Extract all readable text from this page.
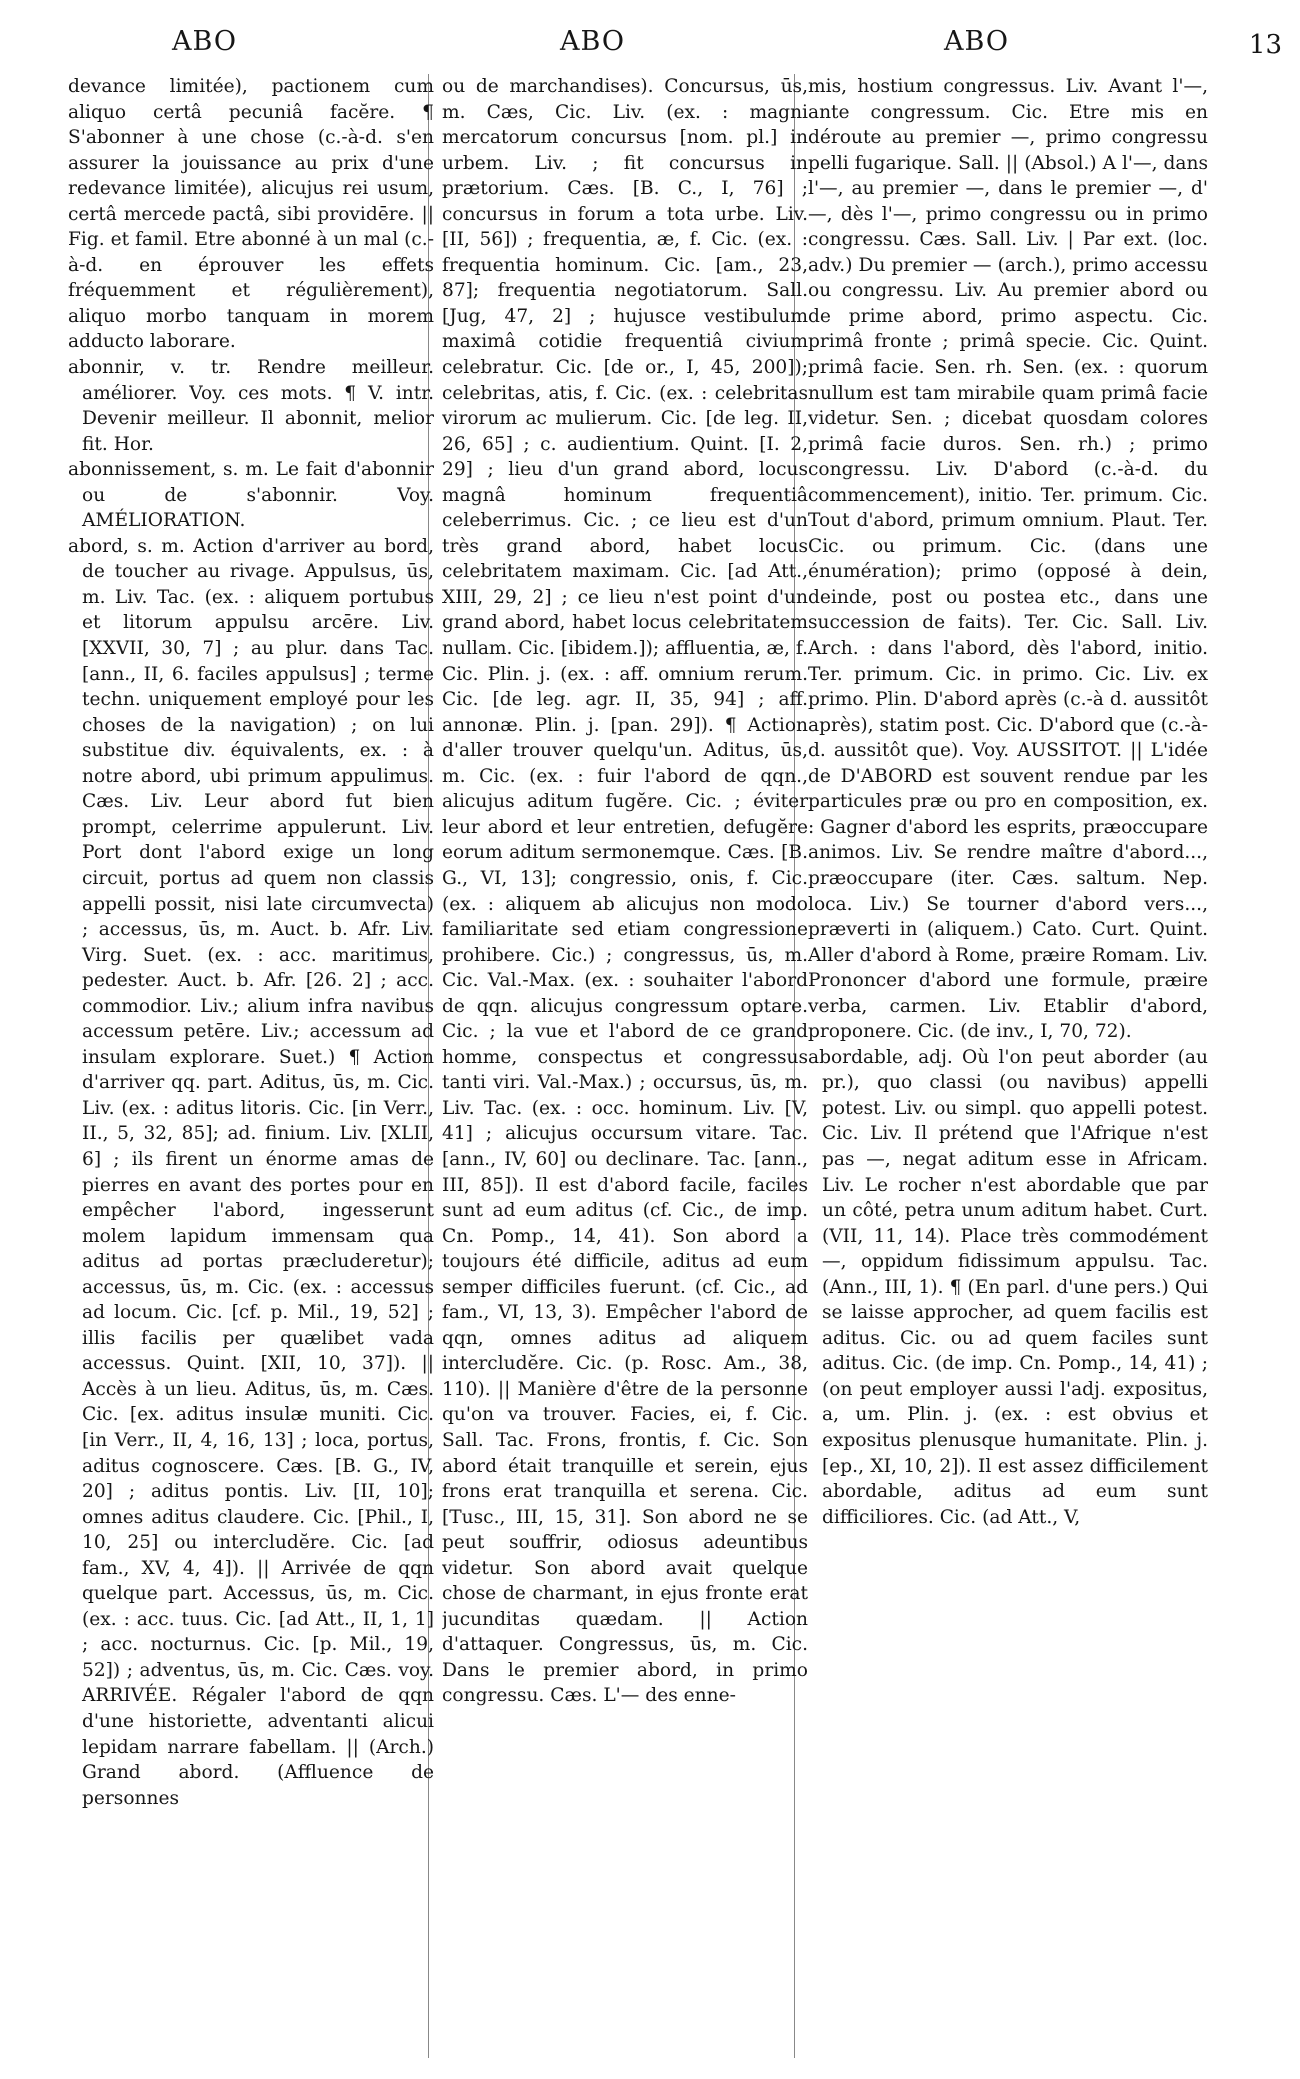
ABO	ABO	ABO	13

devance limitée), pactionem cum aliquo certâ pecuniâ facĕre. ¶ S'abonner à une chose (c.-à-d. s'en assurer la jouissance au prix d'une redevance limitée), alicujus rei usum, certâ mercede pactâ, sibi providēre. || Fig. et famil. Etre abonné à un mal (c.-à-d. en éprouver les effets fréquemment et régulièrement), aliquo morbo tanquam in morem adducto laborare.

abonnir, v. tr. Rendre meilleur. améliorer. Voy. ces mots. ¶ V. intr. Devenir meilleur. Il abonnit, melior fit. Hor.

abonnissement, s. m. Le fait d'abonnir ou de s'abonnir. Voy. AMÉLIORATION.

abord, s. m. Action d'arriver au bord, de toucher au rivage. Appulsus, ūs, m. Liv. Tac. (ex. : aliquem portubus et litorum appulsu arcēre. Liv. [XXVII, 30, 7] ; au plur. dans Tac. [ann., II, 6. faciles appulsus] ; terme techn. uniquement employé pour les choses de la navigation) ; on lui substitue div. équivalents, ex. : à notre abord, ubi primum appulimus. Cæs. Liv. Leur abord fut bien prompt, celerrime appulerunt. Liv. Port dont l'abord exige un long circuit, portus ad quem non classis appelli possit, nisi late circumvecta) ; accessus, ūs, m. Auct. b. Afr. Liv. Virg. Suet. (ex. : acc. maritimus, pedester. Auct. b. Afr. [26. 2] ; acc. commodior. Liv.; alium infra navibus accessum petēre. Liv.; accessum ad insulam explorare. Suet.) ¶ Action d'arriver qq. part. Aditus, ūs, m. Cic. Liv. (ex. : aditus litoris. Cic. [in Verr., II., 5, 32, 85]; ad. finium. Liv. [XLII, 6] ; ils firent un énorme amas de pierres en avant des portes pour en empêcher l'abord, ingesserunt molem lapidum immensam qua aditus ad portas præcluderetur); accessus, ūs, m. Cic. (ex. : accessus ad locum. Cic. [cf. p. Mil., 19, 52] ; illis facilis per quælibet vada accessus. Quint. [XII, 10, 37]). || Accès à un lieu. Aditus, ūs, m. Cæs. Cic. [ex. aditus insulæ muniti. Cic. [in Verr., II, 4, 16, 13] ; loca, portus, aditus cognoscere. Cæs. [B. G., IV, 20] ; aditus pontis. Liv. [II, 10]; omnes aditus claudere. Cic. [Phil., I, 10, 25] ou intercludĕre. Cic. [ad fam., XV, 4, 4]). || Arrivée de qqn quelque part. Accessus, ūs, m. Cic. (ex. : acc. tuus. Cic. [ad Att., II, 1, 1] ; acc. nocturnus. Cic. [p. Mil., 19, 52]) ; adventus, ūs, m. Cic. Cæs. voy. ARRIVÉE. Régaler l'abord de qqn d'une historiette, adventanti alicui lepidam narrare fabellam. || (Arch.) Grand abord. (Affluence de personnes

ou de marchandises). Concursus, ūs, m. Cæs, Cic. Liv. (ex. : magni mercatorum concursus [nom. pl.] in urbem. Liv. ; fit concursus in prætorium. Cæs. [B. C., I, 76] ; concursus in forum a tota urbe. Liv. [II, 56]) ; frequentia, æ, f. Cic. (ex. : frequentia hominum. Cic. [am., 23, 87]; frequentia negotiatorum. Sall. [Jug, 47, 2] ; hujusce vestibulum maximâ cotidie frequentiâ civium celebratur. Cic. [de or., I, 45, 200]); celebritas, atis, f. Cic. (ex. : celebritas virorum ac mulierum. Cic. [de leg. II, 26, 65] ; c. audientium. Quint. [I. 2, 29] ; lieu d'un grand abord, locus magnâ hominum frequentiâ celeberrimus. Cic. ; ce lieu est d'un très grand abord, habet locus celebritatem maximam. Cic. [ad Att., XIII, 29, 2] ; ce lieu n'est point d'un grand abord, habet locus celebritatem nullam. Cic. [ibidem.]); affluentia, æ, f. Cic. Plin. j. (ex. : aff. omnium rerum. Cic. [de leg. agr. II, 35, 94] ; aff. annonæ. Plin. j. [pan. 29]). ¶ Action d'aller trouver quelqu'un. Aditus, ūs, m. Cic. (ex. : fuir l'abord de qqn., alicujus aditum fugĕre. Cic. ; éviter leur abord et leur entretien, defugĕre eorum aditum sermonemque. Cæs. [B. G., VI, 13]; congressio, onis, f. Cic. (ex. : aliquem ab alicujus non modo familiaritate sed etiam congressione prohibere. Cic.) ; congressus, ūs, m. Cic. Val.-Max. (ex. : souhaiter l'abord de qqn. alicujus congressum optare. Cic. ; la vue et l'abord de ce grand homme, conspectus et congressus tanti viri. Val.-Max.) ; occursus, ūs, m. Liv. Tac. (ex. : occ. hominum. Liv. [V, 41] ; alicujus occursum vitare. Tac. [ann., IV, 60] ou declinare. Tac. [ann., III, 85]). Il est d'abord facile, faciles sunt ad eum aditus (cf. Cic., de imp. Cn. Pomp., 14, 41). Son abord a toujours été difficile, aditus ad eum semper difficiles fuerunt. (cf. Cic., ad fam., VI, 13, 3). Empêcher l'abord de qqn, omnes aditus ad aliquem intercludĕre. Cic. (p. Rosc. Am., 38, 110). || Manière d'être de la personne qu'on va trouver. Facies, ei, f. Cic. Sall. Tac. Frons, frontis, f. Cic. Son abord était tranquille et serein, ejus frons erat tranquilla et serena. Cic. [Tusc., III, 15, 31]. Son abord ne se peut souffrir, odiosus adeuntibus videtur. Son abord avait quelque chose de charmant, in ejus fronte erat jucunditas quædam. || Action d'attaquer. Congressus, ūs, m. Cic. Dans le premier abord, in primo congressu. Cæs. L'— des enne-

mis, hostium congressus. Liv. Avant l'—, ante congressum. Cic. Etre mis en déroute au premier —, primo congressu pelli fugarique. Sall. || (Absol.) A l'—, dans l'—, au premier —, dans le premier —, d' —, dès l'—, primo congressu ou in primo congressu. Cæs. Sall. Liv. | Par ext. (loc. adv.) Du premier — (arch.), primo accessu ou congressu. Liv. Au premier abord ou de prime abord, primo aspectu. Cic. primâ fronte ; primâ specie. Cic. Quint. primâ facie. Sen. rh. Sen. (ex. : quorum nullum est tam mirabile quam primâ facie videtur. Sen. ; dicebat quosdam colores primâ facie duros. Sen. rh.) ; primo congressu. Liv. D'abord (c.-à-d. du commencement), initio. Ter. primum. Cic. Tout d'abord, primum omnium. Plaut. Ter. Cic. ou primum. Cic. (dans une énumération); primo (opposé à dein, deinde, post ou postea etc., dans une succession de faits). Ter. Cic. Sall. Liv. Arch. : dans l'abord, dès l'abord, initio. Ter. primum. Cic. in primo. Cic. Liv. ex primo. Plin. D'abord après (c.-à d. aussitôt après), statim post. Cic. D'abord que (c.-à-d. aussitôt que). Voy. AUSSITOT. || L'idée de D'ABORD est souvent rendue par les particules præ ou pro en composition, ex. : Gagner d'abord les esprits, præoccupare animos. Liv. Se rendre maître d'abord..., præoccupare (iter. Cæs. saltum. Nep. loca. Liv.) Se tourner d'abord vers..., præverti in (aliquem.) Cato. Curt. Quint. Aller d'abord à Rome, præire Romam. Liv. Prononcer d'abord une formule, præire verba, carmen. Liv. Etablir d'abord, proponere. Cic. (de inv., I, 70, 72).

abordable, adj. Où l'on peut aborder (au pr.), quo classi (ou navibus) appelli potest. Liv. ou simpl. quo appelli potest. Cic. Liv. Il prétend que l'Afrique n'est pas —, negat aditum esse in Africam. Liv. Le rocher n'est abordable que par un côté, petra unum aditum habet. Curt. (VII, 11, 14). Place très commodément —, oppidum fidissimum appulsu. Tac. (Ann., III, 1). ¶ (En parl. d'une pers.) Qui se laisse approcher, ad quem facilis est aditus. Cic. ou ad quem faciles sunt aditus. Cic. (de imp. Cn. Pomp., 14, 41) ; (on peut employer aussi l'adj. expositus, a, um. Plin. j. (ex. : est obvius et expositus plenusque humanitate. Plin. j. [ep., XI, 10, 2]). Il est assez difficilement abordable, aditus ad eum sunt difficiliores. Cic. (ad Att., V,
